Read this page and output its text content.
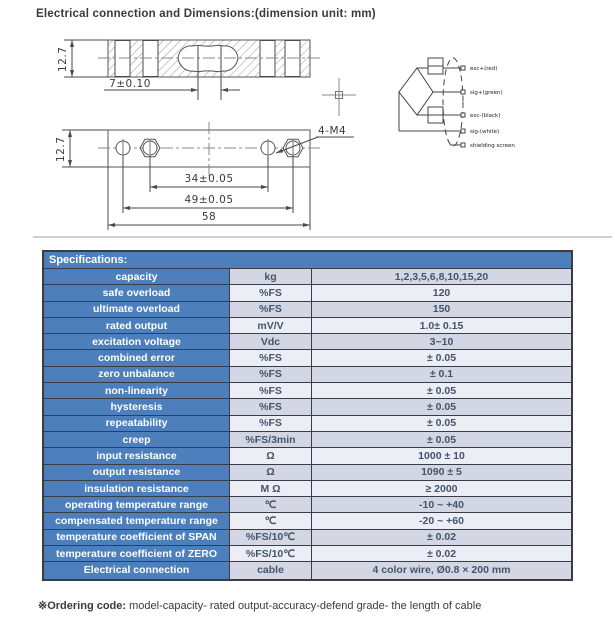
Electrical connection and Dimensions:(dimension unit: mm)
12.7
7±0.10
12.7
34±0.05
49±0.05
58
4-M4
exc+(red)
sig+(green)
exc-(black)
sig-(white)
shielding screen
Specifications:
capacity	kg	1,2,3,5,6,8,10,15,20
safe overload	%FS	120
ultimate overload	%FS	150
rated output	mV/V	1.0± 0.15
excitation voltage	Vdc	3~10
combined error	%FS	± 0.05
zero unbalance	%FS	± 0.1
non-linearity	%FS	± 0.05
hysteresis	%FS	± 0.05
repeatability	%FS	± 0.05
creep	%FS/3min	± 0.05
input resistance	Ω	1000 ± 10
output resistance	Ω	1090 ± 5
insulation resistance	M Ω	≥ 2000
operating temperature range	℃	-10 ~ +40
compensated temperature range	℃	-20 ~ +60
temperature coefficient of SPAN	%FS/10℃	± 0.02
temperature coefficient of ZERO	%FS/10℃	± 0.02
Electrical connection	cable	4 color wire, Ø0.8 × 200 mm
※Ordering code: model-capacity- rated output-accuracy-defend grade- the length of cable
